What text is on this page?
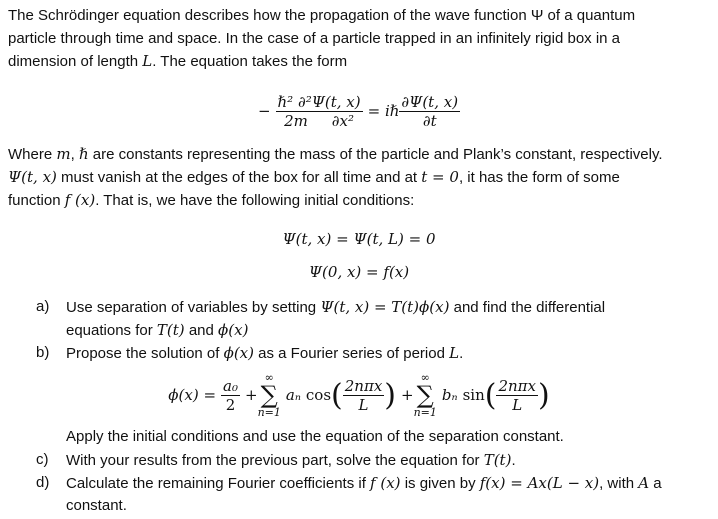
The Schrödinger equation describes how the propagation of the wave function Ψ of a quantum
particle through time and space. In the case of a particle trapped in an infinitely rigid box in a
dimension of length L. The equation takes the form
− $\frac{\text{ℏ² ∂²Ψ(t, x)}}{\text{2m     ∂x²}}$ = iℏ $\frac{\partial\Psi(t, x)}{\partial t}$
Where m, ℏ are constants representing the mass of the particle and Plank’s constant, respectively.
Ψ(t, x) must vanish at the edges of the box for all time and at t = 0, it has the form of some
function f (x). That is, we have the following initial conditions:
Ψ(t, x) = Ψ(t, L) = 0
Ψ(0, x) = f(x)
a) Use separation of variables by setting Ψ(t, x) = T(t)ϕ(x) and find the differential
equations for T(t) and ϕ(x)
b) Propose the solution of ϕ(x) as a Fourier series of period L.
$\phi(x) = \frac{\text{a₀}}{2}$ +
∞
∑
n=1
aₙ cos ( $\frac{\text{2nπx}}{L}$ ) +
∞
∑
n=1
bₙ sin ( $\frac{\text{2nπx}}{L}$ )
Apply the initial conditions and use the equation of the separation constant.
c) With your results from the previous part, solve the equation for T(t).
d) Calculate the remaining Fourier coefficients if f (x) is given by f(x) = Ax(L − x), with A a
constant.
